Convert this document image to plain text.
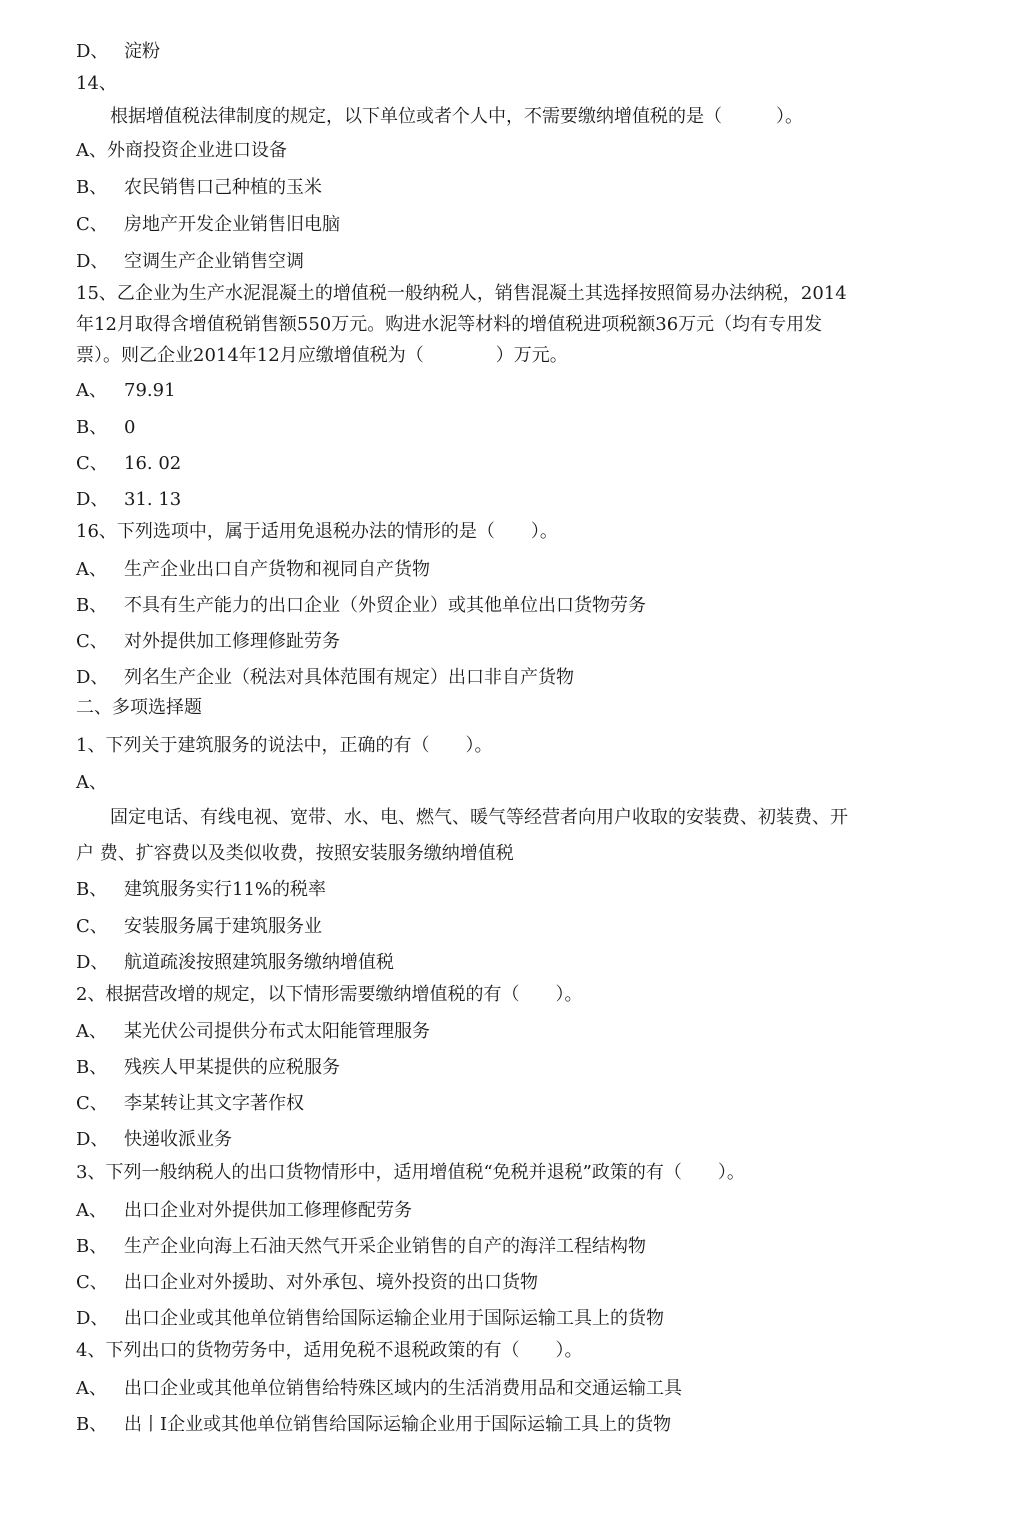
D、 淀粉
14、
根据增值税法律制度的规定，以下单位或者个人中，不需要缴纳增值税的是（　　　）。
A、外商投资企业进口设备
B、 农民销售口己种植的玉米
C、 房地产开发企业销售旧电脑
D、 空调生产企业销售空调
15、乙企业为生产水泥混凝土的增值税一般纳税人，销售混凝土其选择按照简易办法纳税，2014
年12月取得含增值税销售额550万元。购进水泥等材料的增值税进项税额36万元（均有专用发
票）。则乙企业2014年12月应缴增值税为（　　　　）万元。
A、 79.91
B、 0
C、 16. 02
D、 31. 13
16、下列选项中，属于适用免退税办法的情形的是（　　）。
A、 生产企业出口自产货物和视同自产货物
B、 不具有生产能力的出口企业（外贸企业）或其他单位出口货物劳务
C、 对外提供加工修理修趾劳务
D、 列名生产企业（税法对具体范围有规定）出口非自产货物
二、多项选择题
1、下列关于建筑服务的说法中，正确的有（　　）。
A、
固定电话、有线电视、宽带、水、电、燃气、暖气等经营者向用户收取的安装费、初装费、开
户 费、扩容费以及类似收费，按照安装服务缴纳增值税
B、 建筑服务实行11%的税率
C、 安装服务属于建筑服务业
D、 航道疏浚按照建筑服务缴纳增值税
2、根据营改增的规定，以下情形需要缴纳增值税的有（　　）。
A、 某光伏公司提供分布式太阳能管理服务
B、 残疾人甲某提供的应税服务
C、 李某转让其文字著作权
D、 快递收派业务
3、下列一般纳税人的出口货物情形中，适用增值税“免税并退税”政策的有（　　）。
A、 出口企业对外提供加工修理修配劳务
B、 生产企业向海上石油天然气开采企业销售的自产的海洋工程结构物
C、 出口企业对外援助、对外承包、境外投资的出口货物
D、 出口企业或其他单位销售给国际运输企业用于国际运输工具上的货物
4、下列出口的货物劳务中，适用免税不退税政策的有（　　）。
A、 出口企业或其他单位销售给特殊区域内的生活消费用品和交通运输工具
B、 出丨I企业或其他单位销售给国际运输企业用于国际运输工具上的货物
